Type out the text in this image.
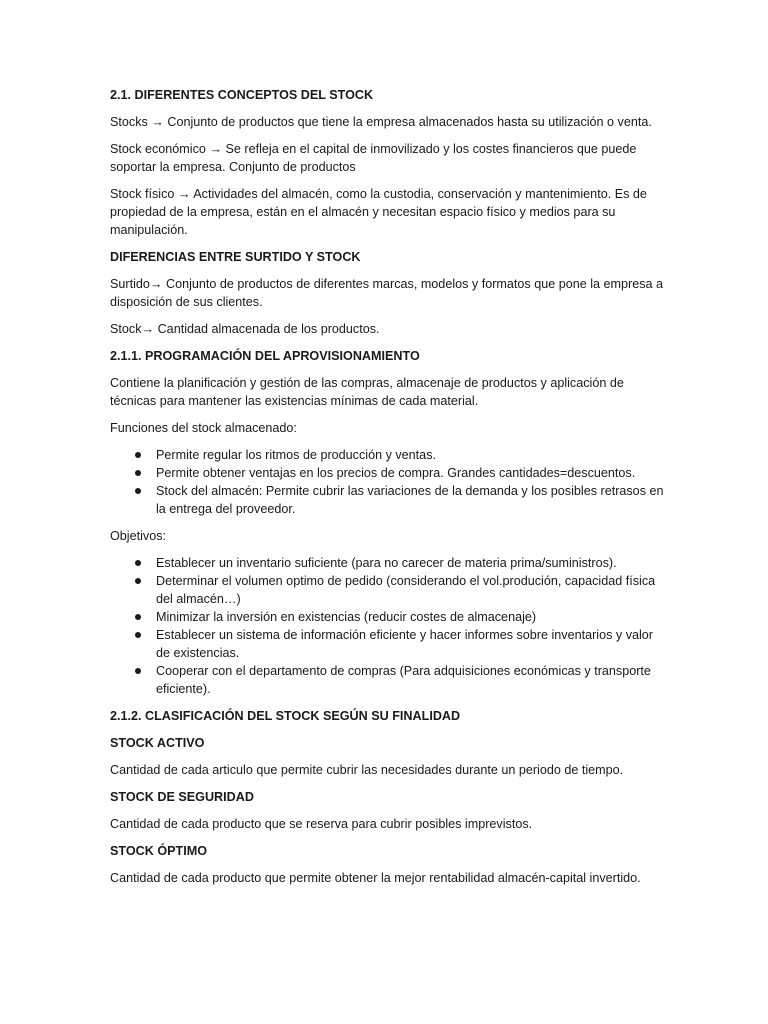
2.1. DIFERENTES CONCEPTOS DEL STOCK

Stocks → Conjunto de productos que tiene la empresa almacenados hasta su utilización o venta.

Stock económico → Se refleja en el capital de inmovilizado y los costes financieros que puede soportar la empresa. Conjunto de productos

Stock físico → Actividades del almacén, como la custodia, conservación y mantenimiento. Es de propiedad de la empresa, están en el almacén y necesitan espacio físico y medios para su manipulación.

DIFERENCIAS ENTRE SURTIDO Y STOCK

Surtido→ Conjunto de productos de diferentes marcas, modelos y formatos que pone la empresa a disposición de sus clientes.

Stock→ Cantidad almacenada de los productos.

2.1.1. PROGRAMACIÓN DEL APROVISIONAMIENTO

Contiene la planificación y gestión de las compras, almacenaje de productos y aplicación de técnicas para mantener las existencias mínimas de cada material.

Funciones del stock almacenado:

Permite regular los ritmos de producción y ventas.
Permite obtener ventajas en los precios de compra. Grandes cantidades=descuentos.
Stock del almacén: Permite cubrir las variaciones de la demanda y los posibles retrasos en la entrega del proveedor.

Objetivos:

Establecer un inventario suficiente (para no carecer de materia prima/suministros).
Determinar el volumen optimo de pedido (considerando el vol.produción, capacidad física del almacén…)
Minimizar la inversión en existencias (reducir costes de almacenaje)
Establecer un sistema de información eficiente y hacer informes sobre inventarios y valor de existencias.
Cooperar con el departamento de compras (Para adquisiciones económicas y transporte eficiente).
2.1.2. CLASIFICACIÓN DEL STOCK SEGÚN SU FINALIDAD
STOCK ACTIVO

Cantidad de cada articulo que permite cubrir las necesidades durante un periodo de tiempo.

STOCK DE SEGURIDAD

Cantidad de cada producto que se reserva para cubrir posibles imprevistos.

STOCK ÓPTIMO

Cantidad de cada producto que permite obtener la mejor rentabilidad almacén-capital invertido.
